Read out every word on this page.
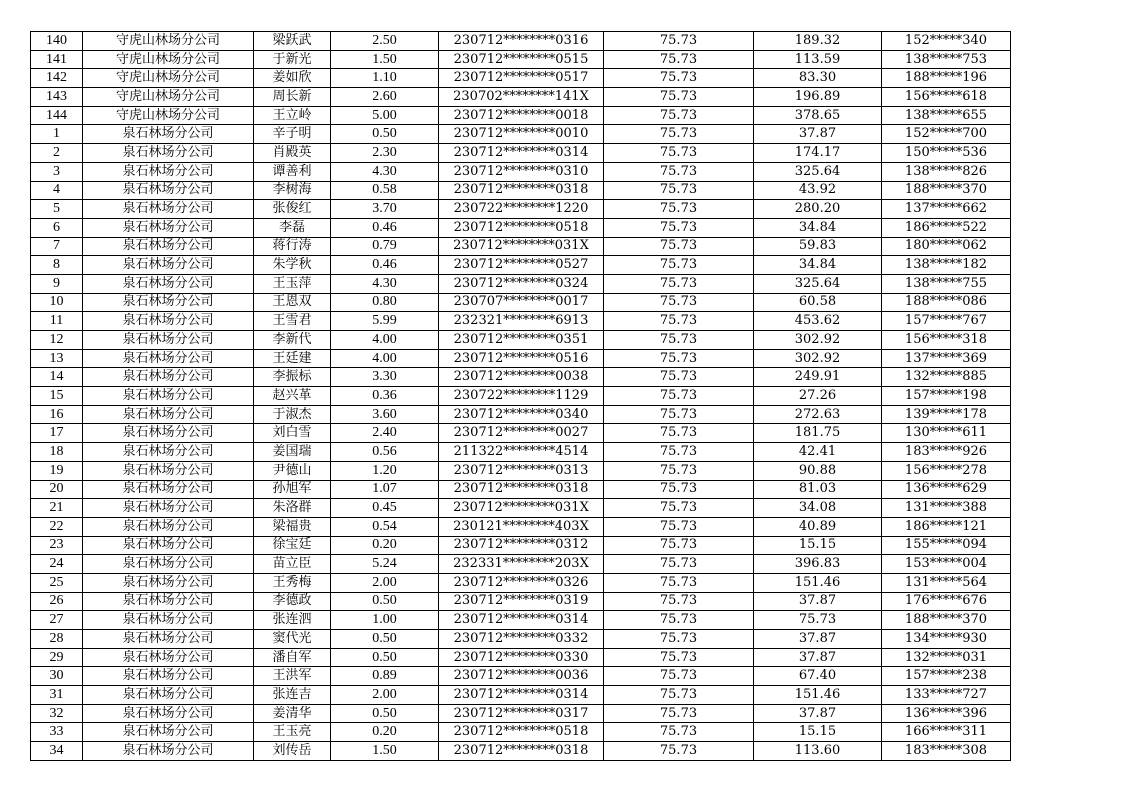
140	守虎山林场分公司	梁跃武	2.50	230712********0316	75.73	189.32	152*****340
141	守虎山林场分公司	于新光	1.50	230712********0515	75.73	113.59	138*****753
142	守虎山林场分公司	姜如欣	1.10	230712********0517	75.73	83.30	188*****196
143	守虎山林场分公司	周长新	2.60	230702********141X	75.73	196.89	156*****618
144	守虎山林场分公司	王立岭	5.00	230712********0018	75.73	378.65	138*****655
1	泉石林场分公司	辛子明	0.50	230712********0010	75.73	37.87	152*****700
2	泉石林场分公司	肖殿英	2.30	230712********0314	75.73	174.17	150*****536
3	泉石林场分公司	谭善利	4.30	230712********0310	75.73	325.64	138*****826
4	泉石林场分公司	李树海	0.58	230712********0318	75.73	43.92	188*****370
5	泉石林场分公司	张俊红	3.70	230722********1220	75.73	280.20	137*****662
6	泉石林场分公司	李磊	0.46	230712********0518	75.73	34.84	186*****522
7	泉石林场分公司	蒋行涛	0.79	230712********031X	75.73	59.83	180*****062
8	泉石林场分公司	朱学秋	0.46	230712********0527	75.73	34.84	138*****182
9	泉石林场分公司	王玉萍	4.30	230712********0324	75.73	325.64	138*****755
10	泉石林场分公司	王恩双	0.80	230707********0017	75.73	60.58	188*****086
11	泉石林场分公司	王雪君	5.99	232321********6913	75.73	453.62	157*****767
12	泉石林场分公司	李新代	4.00	230712********0351	75.73	302.92	156*****318
13	泉石林场分公司	王廷建	4.00	230712********0516	75.73	302.92	137*****369
14	泉石林场分公司	李振标	3.30	230712********0038	75.73	249.91	132*****885
15	泉石林场分公司	赵兴革	0.36	230722********1129	75.73	27.26	157*****198
16	泉石林场分公司	于淑杰	3.60	230712********0340	75.73	272.63	139*****178
17	泉石林场分公司	刘白雪	2.40	230712********0027	75.73	181.75	130*****611
18	泉石林场分公司	姜国瑞	0.56	211322********4514	75.73	42.41	183*****926
19	泉石林场分公司	尹德山	1.20	230712********0313	75.73	90.88	156*****278
20	泉石林场分公司	孙旭军	1.07	230712********0318	75.73	81.03	136*****629
21	泉石林场分公司	朱洛群	0.45	230712********031X	75.73	34.08	131*****388
22	泉石林场分公司	梁福贵	0.54	230121********403X	75.73	40.89	186*****121
23	泉石林场分公司	徐宝廷	0.20	230712********0312	75.73	15.15	155*****094
24	泉石林场分公司	苗立臣	5.24	232331********203X	75.73	396.83	153*****004
25	泉石林场分公司	王秀梅	2.00	230712********0326	75.73	151.46	131*****564
26	泉石林场分公司	李德政	0.50	230712********0319	75.73	37.87	176*****676
27	泉石林场分公司	张连泗	1.00	230712********0314	75.73	75.73	188*****370
28	泉石林场分公司	窦代光	0.50	230712********0332	75.73	37.87	134*****930
29	泉石林场分公司	潘自军	0.50	230712********0330	75.73	37.87	132*****031
30	泉石林场分公司	王洪军	0.89	230712********0036	75.73	67.40	157*****238
31	泉石林场分公司	张连吉	2.00	230712********0314	75.73	151.46	133*****727
32	泉石林场分公司	姜清华	0.50	230712********0317	75.73	37.87	136*****396
33	泉石林场分公司	王玉亮	0.20	230712********0518	75.73	15.15	166*****311
34	泉石林场分公司	刘传岳	1.50	230712********0318	75.73	113.60	183*****308
